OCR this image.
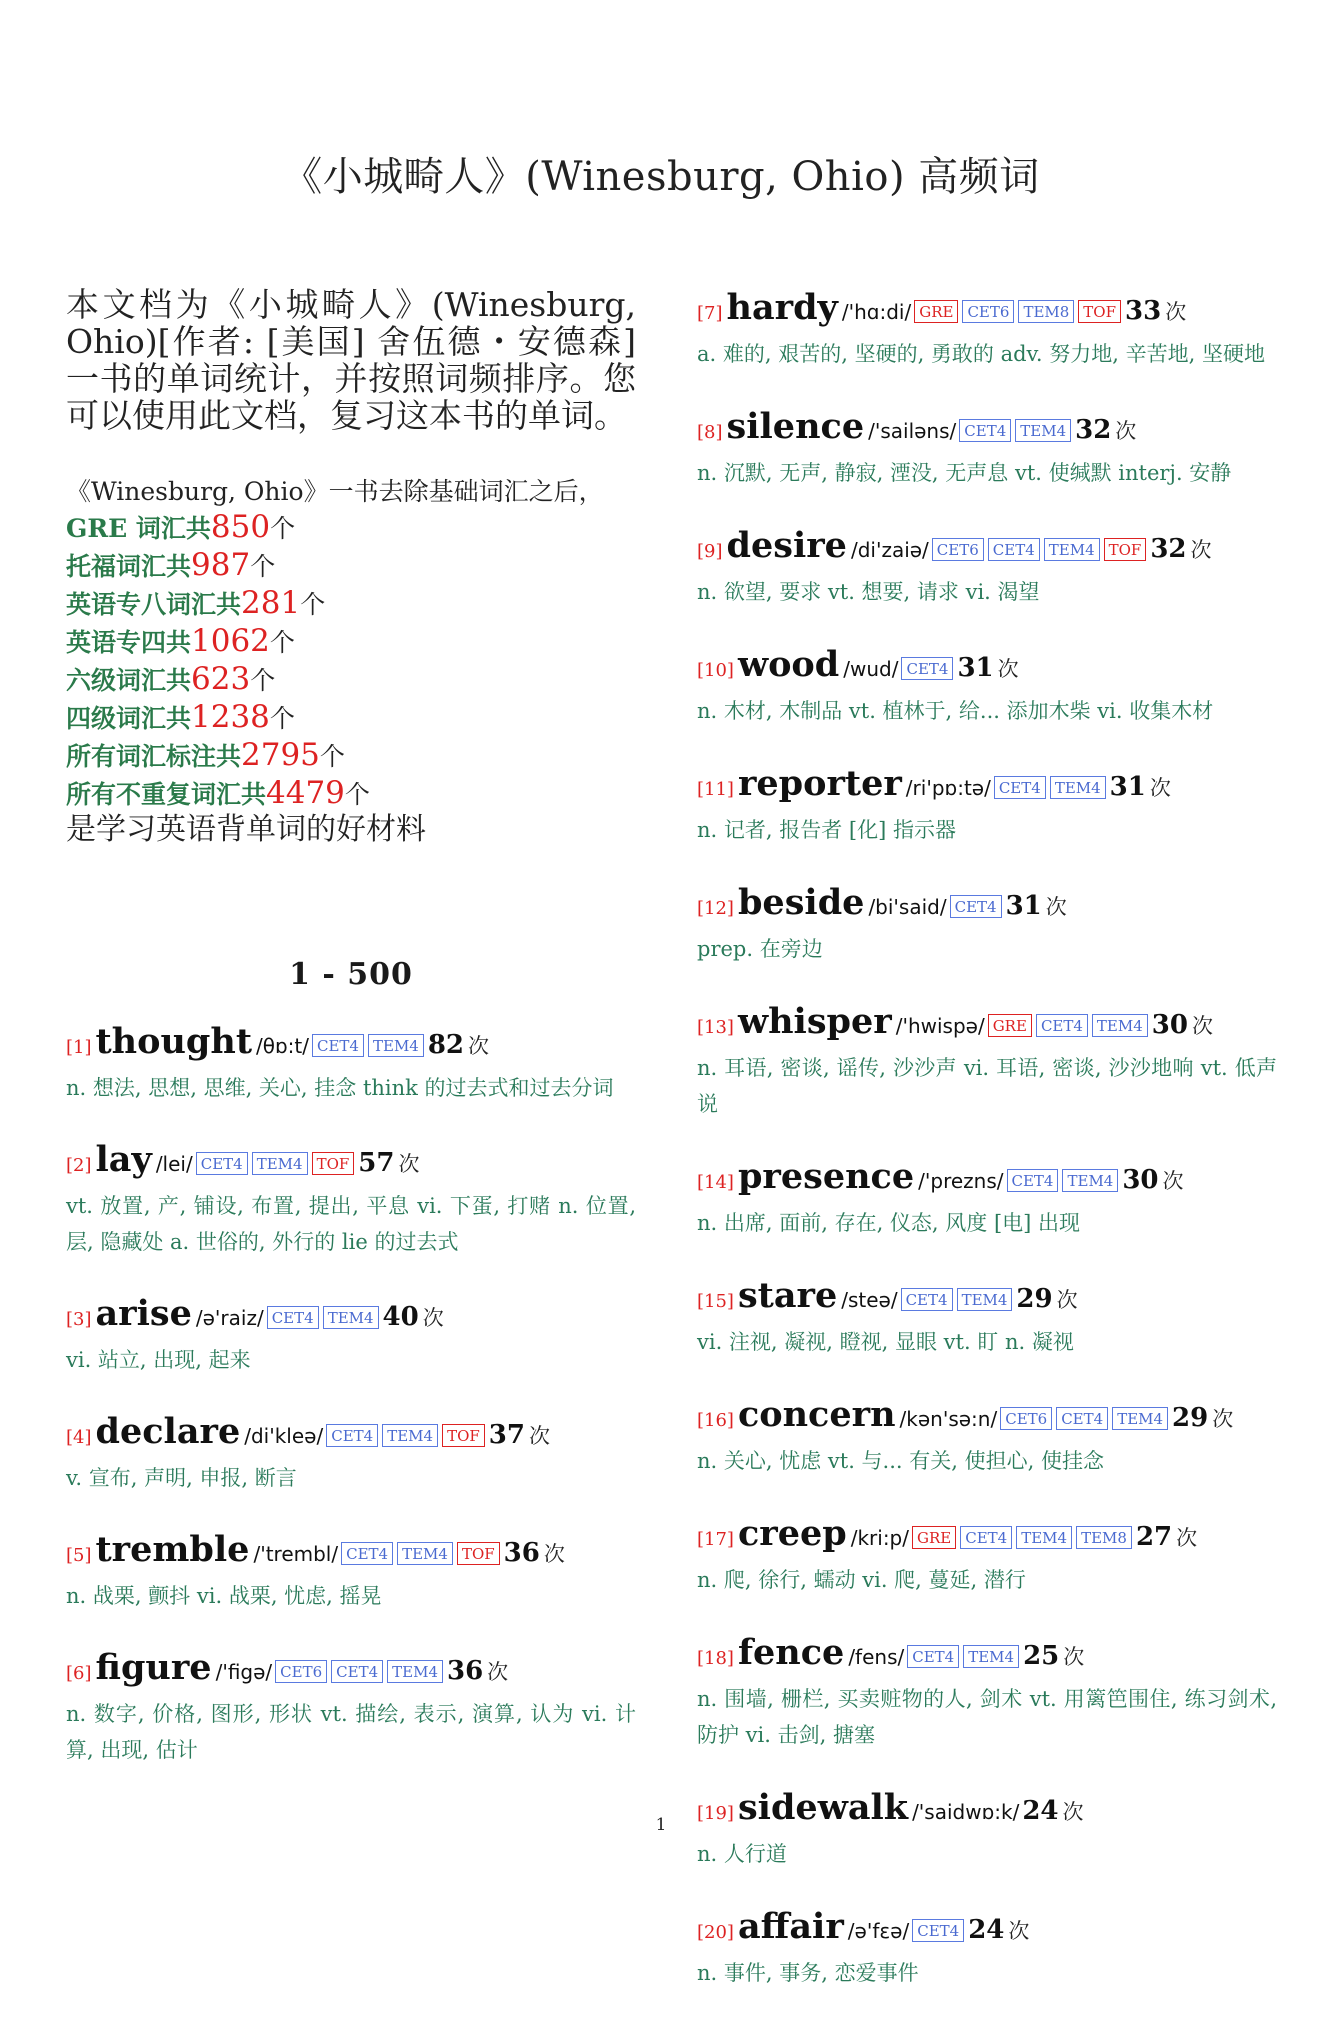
《小城畸人》(Winesburg, Ohio) 高频词
本文档为《小城畸人》(Winesburg, Ohio)[作者: [美国] 舍伍德・安德森] 一书的单词统计，并按照词频排序。您可以使用此文档，复习这本书的单词。
《Winesburg, Ohio》一书去除基础词汇之后，
GRE 词汇共850个
托福词汇共987个
英语专八词汇共281个
英语专四共1062个
六级词汇共623个
四级词汇共1238个
所有词汇标注共2795个
所有不重复词汇共4479个
是学习英语背单词的好材料
1 - 500
[1] thought /θɒ:t/ CET4 TEM4 82 次
n. 想法, 思想, 思维, 关心, 挂念 think 的过去式和过去分词
[2] lay /lei/ CET4 TEM4 TOF 57 次
vt. 放置, 产, 铺设, 布置, 提出, 平息 vi. 下蛋, 打赌 n. 位置, 层, 隐藏处 a. 世俗的, 外行的 lie 的过去式
[3] arise /ə'raiz/ CET4 TEM4 40 次
vi. 站立, 出现, 起来
[4] declare /di'kleə/ CET4 TEM4 TOF 37 次
v. 宣布, 声明, 申报, 断言
[5] tremble /'trembl/ CET4 TEM4 TOF 36 次
n. 战栗, 颤抖 vi. 战栗, 忧虑, 摇晃
[6] figure /'figə/ CET6 CET4 TEM4 36 次
n. 数字, 价格, 图形, 形状 vt. 描绘, 表示, 演算, 认为 vi. 计算, 出现, 估计
[7] hardy /'hɑ:di/ GRE CET6 TEM8 TOF 33 次
a. 难的, 艰苦的, 坚硬的, 勇敢的 adv. 努力地, 辛苦地, 坚硬地
[8] silence /'sailəns/ CET4 TEM4 32 次
n. 沉默, 无声, 静寂, 湮没, 无声息 vt. 使缄默 interj. 安静
[9] desire /di'zaiə/ CET6 CET4 TEM4 TOF 32 次
n. 欲望, 要求 vt. 想要, 请求 vi. 渴望
[10] wood /wud/ CET4 31 次
n. 木材, 木制品 vt. 植林于, 给... 添加木柴 vi. 收集木材
[11] reporter /ri'pɒ:tə/ CET4 TEM4 31 次
n. 记者, 报告者 [化] 指示器
[12] beside /bi'said/ CET4 31 次
prep. 在旁边
[13] whisper /'hwispə/ GRE CET4 TEM4 30 次
n. 耳语, 密谈, 谣传, 沙沙声 vi. 耳语, 密谈, 沙沙地响 vt. 低声说
[14] presence /'prezns/ CET4 TEM4 30 次
n. 出席, 面前, 存在, 仪态, 风度 [电] 出现
[15] stare /steə/ CET4 TEM4 29 次
vi. 注视, 凝视, 瞪视, 显眼 vt. 盯 n. 凝视
[16] concern /kən'sə:n/ CET6 CET4 TEM4 29 次
n. 关心, 忧虑 vt. 与... 有关, 使担心, 使挂念
[17] creep /kri:p/ GRE CET4 TEM4 TEM8 27 次
n. 爬, 徐行, 蠕动 vi. 爬, 蔓延, 潜行
[18] fence /fens/ CET4 TEM4 25 次
n. 围墙, 栅栏, 买卖赃物的人, 剑术 vt. 用篱笆围住, 练习剑术, 防护 vi. 击剑, 搪塞
[19] sidewalk /'saidwɒ:k/ 24 次
n. 人行道
[20] affair /ə'fεə/ CET4 24 次
n. 事件, 事务, 恋爱事件
1
